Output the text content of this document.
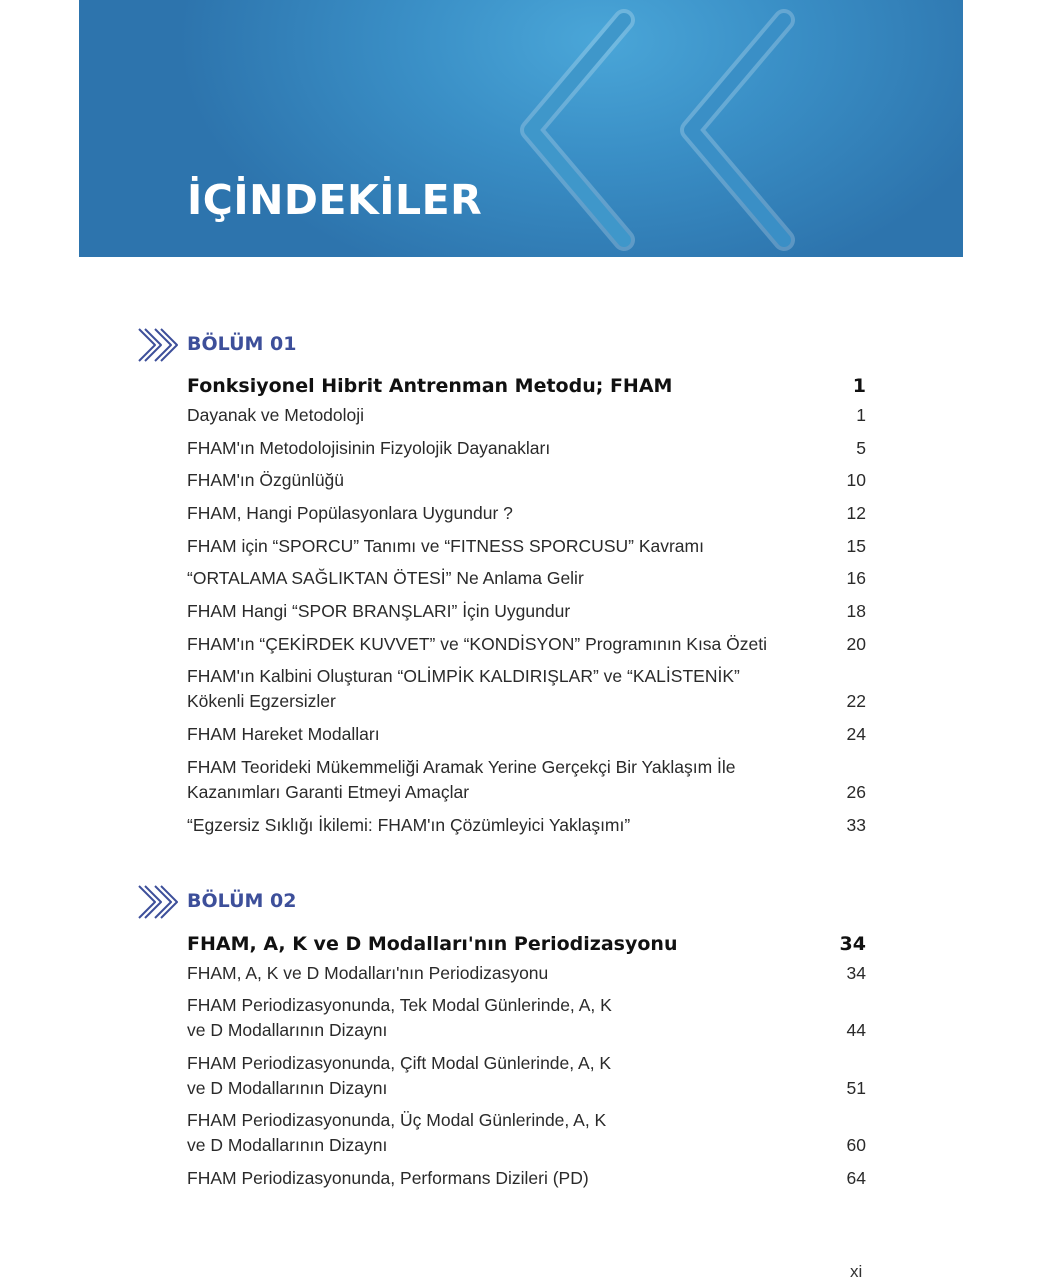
İÇİNDEKİLER
BÖLÜM 01
Fonksiyonel Hibrit Antrenman Metodu; FHAM	1
Dayanak ve Metodoloji	1
FHAM'ın Metodolojisinin Fizyolojik Dayanakları	5
FHAM'ın Özgünlüğü	10
FHAM, Hangi Popülasyonlara Uygundur ?	12
FHAM için “SPORCU” Tanımı ve “FITNESS SPORCUSU” Kavramı	15
“ORTALAMA SAĞLIKTAN ÖTESİ” Ne Anlama Gelir	16
FHAM Hangi “SPOR BRANŞLARI” İçin Uygundur	18
FHAM'ın “ÇEKİRDEK KUVVET” ve “KONDİSYON” Programının Kısa Özeti	20
FHAM'ın Kalbini Oluşturan “OLİMPİK KALDIRIŞLAR” ve “KALİSTENİK” Kökenli Egzersizler	22
FHAM Hareket Modalları	24
FHAM Teorideki Mükemmeliği Aramak Yerine Gerçekçi Bir Yaklaşım İle Kazanımları Garanti Etmeyi Amaçlar	26
“Egzersiz Sıklığı İkilemi: FHAM'ın Çözümleyici Yaklaşımı”	33
BÖLÜM 02
FHAM, A, K ve D Modalları'nın Periodizasyonu	34
FHAM, A, K ve D Modalları'nın Periodizasyonu	34
FHAM Periodizasyonunda, Tek Modal Günlerinde, A, K ve D Modallarının Dizaynı	44
FHAM Periodizasyonunda, Çift Modal Günlerinde, A, K ve D Modallarının Dizaynı	51
FHAM Periodizasyonunda, Üç Modal Günlerinde, A, K ve D Modallarının Dizaynı	60
FHAM Periodizasyonunda, Performans Dizileri (PD)	64
xi
